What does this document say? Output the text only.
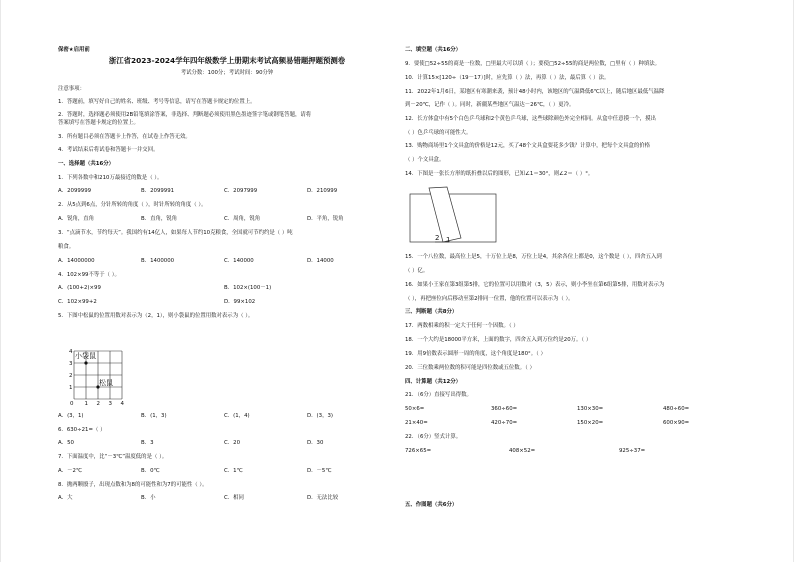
保密★启用前
浙江省2023-2024学年四年级数学上册期末考试高频易错题押题预测卷
考试分数：100分；考试时间：90分钟
注意事项：
1．答题前，填写好自己的姓名、班级、考号等信息，请写在答题卡规定的位置上。
2．答题时，选择题必须使用2B铅笔填涂答案，非选择、判断题必须使用黑色墨迹签字笔或钢笔答题，请将
答案填写在答题卡规定的位置上。
3．所有题目必须在答题卡上作答，在试卷上作答无效。
4．考试结束后将试卷和答题卡一并交回。
一、选择题（共16分）
1．下列各数中和210万最接近的数是（ ）。
A．2099999	B．2099991	C．2097999	D．210999
2．从5点到6点，分针所转的角度（ ），时针所转的角度（ ）。
A．锐角，直角	B．直角，锐角	C．周角，锐角	D．平角，锐角
3．“点滴节水，节约每天”。我国约有14亿人，如果每人节约10克粮食，全国就可节约约是（ ）吨
粮食。
A．14000000	B．1400000	C．140000	D．14000
4．102×99不等于（ ）。
A．(100+2)×99	B．102×(100－1)
C．102×99+2	D．99×102
5．下图中松鼠的位置用数对表示为（2，1），则小袋鼠的位置用数对表示为（ ）。
小袋鼠
松鼠
0 1 2 3 4
1
2
3
4
A．(3，1)	B．(1，3)	C．(1，4)	D．(3，3)
6．630÷21=（ ）
A．50	B．3	C．20	D．30
7．下面温度中，比“－3℃”温度低的是（ ）。
A．－2℃	B．0℃	C．1℃	D．－5℃
8．抛两颗骰子，出现点数和为8的可能性和为7的可能性（ ）。
A．大	B．小	C．相同	D．无法比较
二、填空题（共16分）
9．要使□52÷55的商是一位数，□里最大可以填（ ）；要使□52÷55的商是两位数，□里有（ ）种填法。
10．计算15×[120÷（19－17）]时，应先算（ ）法，再算（ ）法，最后算（ ）法。
11．2022年1月6日，某地区有寒潮来袭，预计48小时内，该地区的气温降低6℃以上，随后地区最低气温降
到－20℃，记作（ ）。同时，新疆某些地区气温达－26℃，（ ）更冷。
12．长方体盒中有5个白色乒乓球和2个黄色乒乓球，这些球除颜色外完全相同。从盒中任意摸一个，摸出
（ ）色乒乓球的可能性大。
13．购物商场里1个文具盒的价格是12元，买了48个文具盒要花多少钱？计算中，把每个文具盒的价格
（ ）个文具盒。
14．下图是一张长方形的纸折叠以后的图形，已知∠1＝30°，则∠2＝（ ）°。
2 1
15．一个八位数，最高位上是5，十万位上是8，万位上是4，其余各位上都是0，这个数是（ ），四舍五入到
（ ）亿。
16．如果小王家在第3组第5排，它的位置可以用数对（3，5）表示，则小李坐在第6组第5排，用数对表示为
（ ），再把座位向后移动至第2排同一位置，他的位置可以表示为（ ）。
三、判断题（共8分）
17．两数相乘的积一定大于任何一个因数。（ ）
18．一个大约是18000平方米，上面的数字，四舍五入到万位约是20万。（ ）
19．用9倍数表示圆形一周的角度，这个角度是180°。（ ）
20．三位数乘两位数的积可能是四位数或五位数。（ ）
四、计算题（共12分）
21．（6分）直接写出得数。
50×6=	360÷60=	130×30=	480÷60=
21×40=	420÷70=	150×20=	600×90=
22．（6分）竖式计算。
726×65=	408×52=	925÷37=
五、作图题（共6分）
